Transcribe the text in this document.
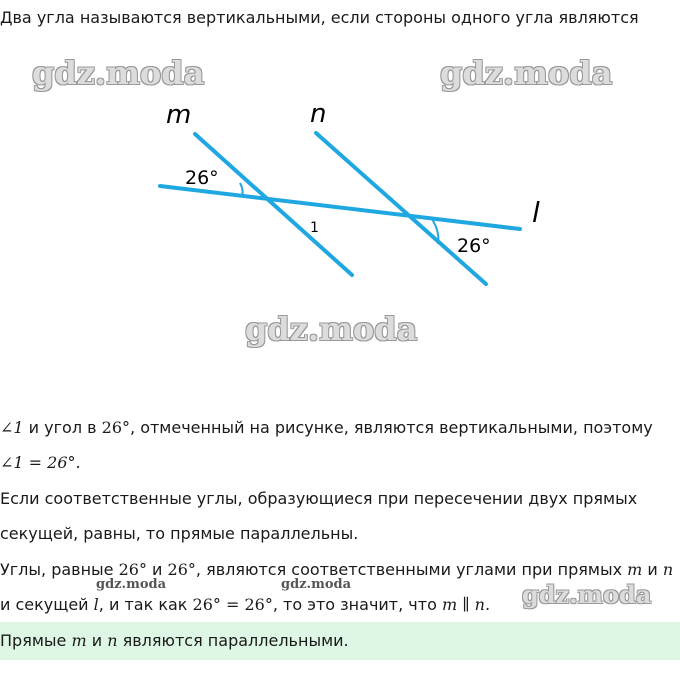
Два угла называются вертикальными, если стороны одного угла являются
gdz.moda	gdz.moda
m	n
l
26°
26°
1
gdz.moda
∠1 и угол в 26°, отмеченный на рисунке, являются вертикальными, поэтому
∠1 = 26°.
Если соответственные углы, образующиеся при пересечении двух прямых
секущей, равны, то прямые параллельны.
Углы, равные 26° и 26°, являются соответственными углами при прямых m и n
gdz.moda	gdz.moda
и секущей l, и так как 26° = 26°, то это значит, что m ∥ n. gdz.moda
Прямые m и n являются параллельными.
